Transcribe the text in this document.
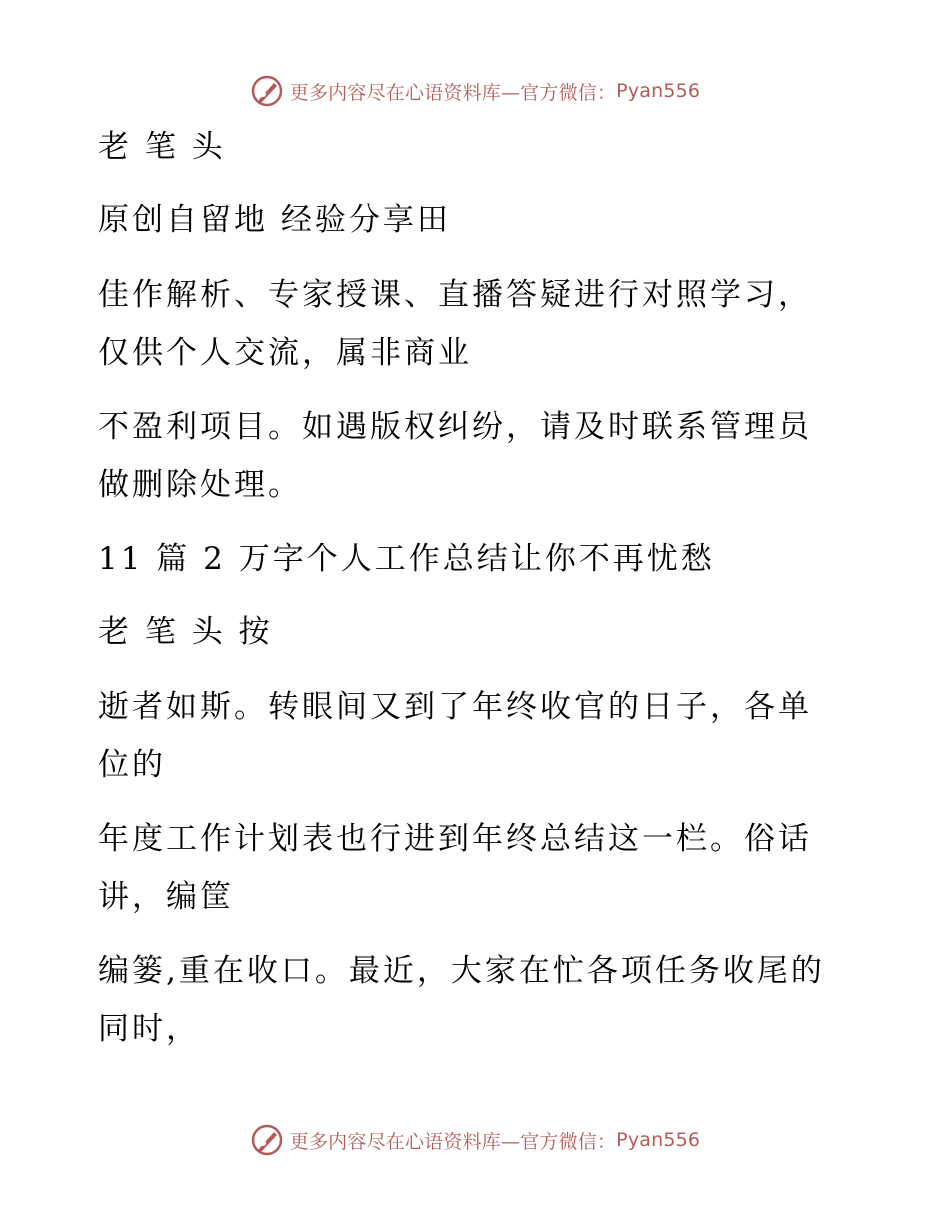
更多内容尽在心语资料库—官方微信： Pyan556
老 笔 头
原创自留地 经验分享田
佳作解析、专家授课、直播答疑进行对照学习，
仅供个人交流，属非商业
不盈利项目。如遇版权纠纷，请及时联系管理员
做删除处理。
11 篇 2 万字个人工作总结让你不再忧愁
老 笔 头 按
逝者如斯。转眼间又到了年终收官的日子，各单
位的
年度工作计划表也行进到年终总结这一栏。俗话
讲，编筐
编篓,重在收口。最近，大家在忙各项任务收尾的
同时，
更多内容尽在心语资料库—官方微信： Pyan556
